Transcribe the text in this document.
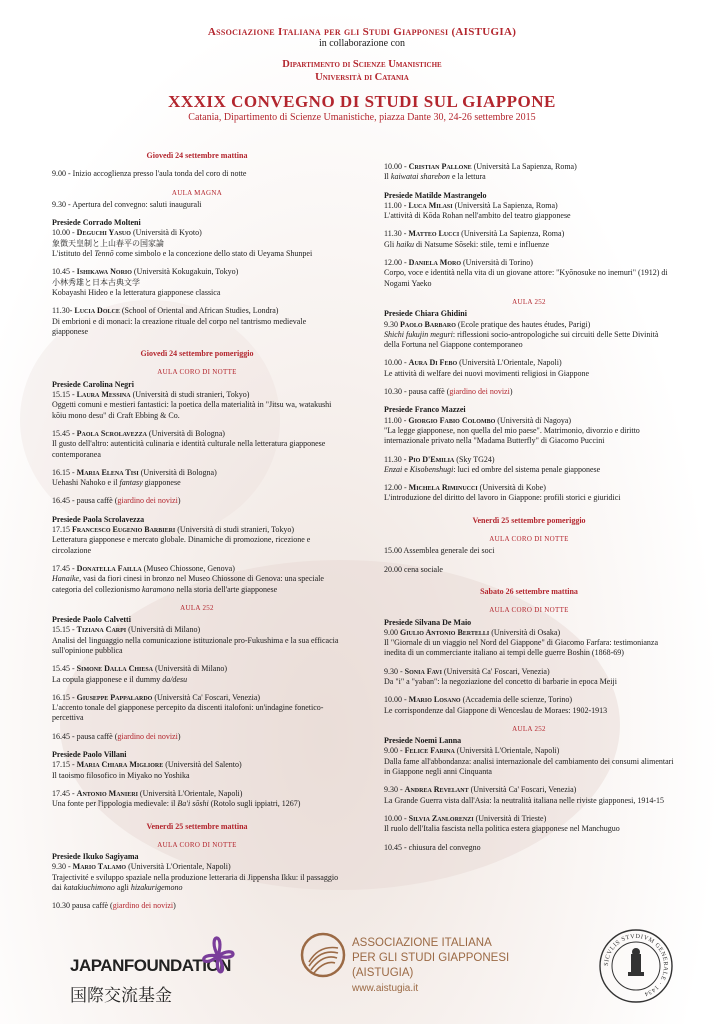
Associazione Italiana per gli Studi Giapponesi (AISTUGIA)
in collaborazione con
Dipartimento di Scienze Umanistiche
Università di Catania
XXXIX CONVEGNO DI STUDI SUL GIAPPONE
Catania, Dipartimento di Scienze Umanistiche, piazza Dante 30, 24-26 settembre 2015
Giovedì 24 settembre mattina
9.00 - Inizio accoglienza presso l'aula tonda del coro di notte
AULA MAGNA
9.30 - Apertura del convegno: saluti inaugurali
Presiede Corrado Molteni
10.00 - Deguchi Yasuo (Università di Kyoto)
象徴天皇制と上山春平の国家論
L'istituto del Tennō come simbolo e la concezione dello stato di Ueyama Shunpei
10.45 - Ishikawa Norio (Università Kokugakuin, Tokyo)
小林秀雄と日本古典文学
Kobayashi Hideo e la letteratura giapponese classica
11.30- Lucia Dolce (School of Oriental and African Studies, Londra)
Di embrioni e di monaci: la creazione rituale del corpo nel tantrismo medievale giapponese
Giovedì 24 settembre pomeriggio
AULA CORO DI NOTTE
Presiede Carolina Negri
15.15 - Laura Messina (Università di studi stranieri, Tokyo)
Oggetti comuni e mestieri fantastici: la poetica della materialità in "Jitsu wa, watakushi kōiu mono desu" di Craft Ebbing & Co.
15.45 - Paola Scrolavezza (Università di Bologna)
Il gusto dell'altro: autenticità culinaria e identità culturale nella letteratura giapponese contemporanea
16.15 - Maria Elena Tisi (Università di Bologna)
Uehashi Nahoko e il fantasy giapponese
16.45 - pausa caffè (giardino dei novizi)
Presiede Paola Scrolavezza
17.15 Francesco Eugenio Barbieri (Università di studi stranieri, Tokyo)
Letteratura giapponese e mercato globale. Dinamiche di promozione, ricezione e circolazione
17.45 - Donatella Failla (Museo Chiossone, Genova)
Hanaike, vasi da fiori cinesi in bronzo nel Museo Chiossone di Genova: una speciale categoria del collezionismo karamono nella storia dell'arte giapponese
AULA 252
Presiede Paolo Calvetti
15.15 - Tiziana Carpi (Università di Milano)
Analisi del linguaggio nella comunicazione istituzionale pro-Fukushima e la sua efficacia sull'opinione pubblica
15.45 - Simone Dalla Chiesa (Università di Milano)
La copula giapponese e il dummy da/desu
16.15 - Giuseppe Pappalardo (Università Ca' Foscari, Venezia)
L'accento tonale del giapponese percepito da discenti italofoni: un'indagine fonetico-percettiva
16.45 - pausa caffè (giardino dei novizi)
Presiede Paolo Villani
17.15 - Maria Chiara Migliore (Università del Salento)
Il taoismo filosofico in Miyako no Yoshika
17.45 - Antonio Manieri (Università L'Orientale, Napoli)
Una fonte per l'ippologia medievale: il Ba'i sōshi (Rotolo sugli ippiatri, 1267)
Venerdì 25 settembre mattina
AULA CORO DI NOTTE
Presiede Ikuko Sagiyama
9.30 - Mario Talamo (Università L'Orientale, Napoli)
Trajectivité e sviluppo spaziale nella produzione letteraria di Jippensha Ikku: il passaggio dai katakiuchimono agli hizakurigemono
10.30 pausa caffè (giardino dei novizi)
10.00 - Cristian Pallone (Università La Sapienza, Roma)
Il kaiwatai sharebon e la lettura
Presiede Matilde Mastrangelo
11.00 - Luca Milasi (Università La Sapienza, Roma)
L'attività di Kōda Rohan nell'ambito del teatro giapponese
11.30 - Matteo Lucci (Università La Sapienza, Roma)
Gli haiku di Natsume Sōseki: stile, temi e influenze
12.00 - Daniela Moro (Università di Torino)
Corpo, voce e identità nella vita di un giovane attore: "Kyōnosuke no inemuri" (1912) di Nogami Yaeko
AULA 252
Presiede Chiara Ghidini
9.30 Paolo Barbaro (Ecole pratique des hautes études, Parigi)
Shichi fukujin meguri: riflessioni socio-antropologiche sui circuiti delle Sette Divinità della Fortuna nel Giappone contemporaneo
10.00 - Aura Di Febo (Università L'Orientale, Napoli)
Le attività di welfare dei nuovi movimenti religiosi in Giappone
10.30 - pausa caffè (giardino dei novizi)
Presiede Franco Mazzei
11.00 - Giorgio Fabio Colombo (Università di Nagoya)
"La legge giapponese, non quella del mio paese". Matrimonio, divorzio e diritto internazionale privato nella "Madama Butterfly" di Giacomo Puccini
11.30 - Pio D'Emilia (Sky TG24)
Enzai e Kisobenshugi: luci ed ombre del sistema penale giapponese
12.00 - Michela Riminucci (Università di Kobe)
L'introduzione del diritto del lavoro in Giappone: profili storici e giuridici
Venerdì 25 settembre pomeriggio
AULA CORO DI NOTTE
15.00 Assemblea generale dei soci
20.00 cena sociale
Sabato 26 settembre mattina
AULA CORO DI NOTTE
Presiede Silvana De Maio
9.00 Giulio Antonio Bertelli (Università di Osaka)
Il "Giornale di un viaggio nel Nord del Giappone" di Giacomo Farfara: testimonianza inedita di un commerciante italiano ai tempi delle guerre Boshin (1868-69)
9.30 - Sonia Favi (Università Ca' Foscari, Venezia)
Da "i" a "yaban": la negoziazione del concetto di barbarie in epoca Meiji
10.00 - Mario Losano (Accademia delle scienze, Torino)
Le corrispondenze dal Giappone di Wenceslau de Moraes: 1902-1913
AULA 252
Presiede Noemi Lanna
9.00 - Felice Farina (Università L'Orientale, Napoli)
Dalla fame all'abbondanza: analisi internazionale del cambiamento dei consumi alimentari in Giappone negli anni Cinquanta
9.30 - Andrea Revelant (Università Ca' Foscari, Venezia)
La Grande Guerra vista dall'Asia: la neutralità italiana nelle riviste giapponesi, 1914-15
10.00 - Silvia Zanlorenzi (Università di Trieste)
Il ruolo dell'Italia fascista nella politica estera giapponese nel Manchuguo
10.45 - chiusura del convegno
JAPANFOUNDATION
国際交流基金
ASSOCIAZIONE ITALIANA
PER GLI STUDI GIAPPONESI (AISTUGIA)
www.aistugia.it
SICVLIS STVDIVM GENERALE · 1434
